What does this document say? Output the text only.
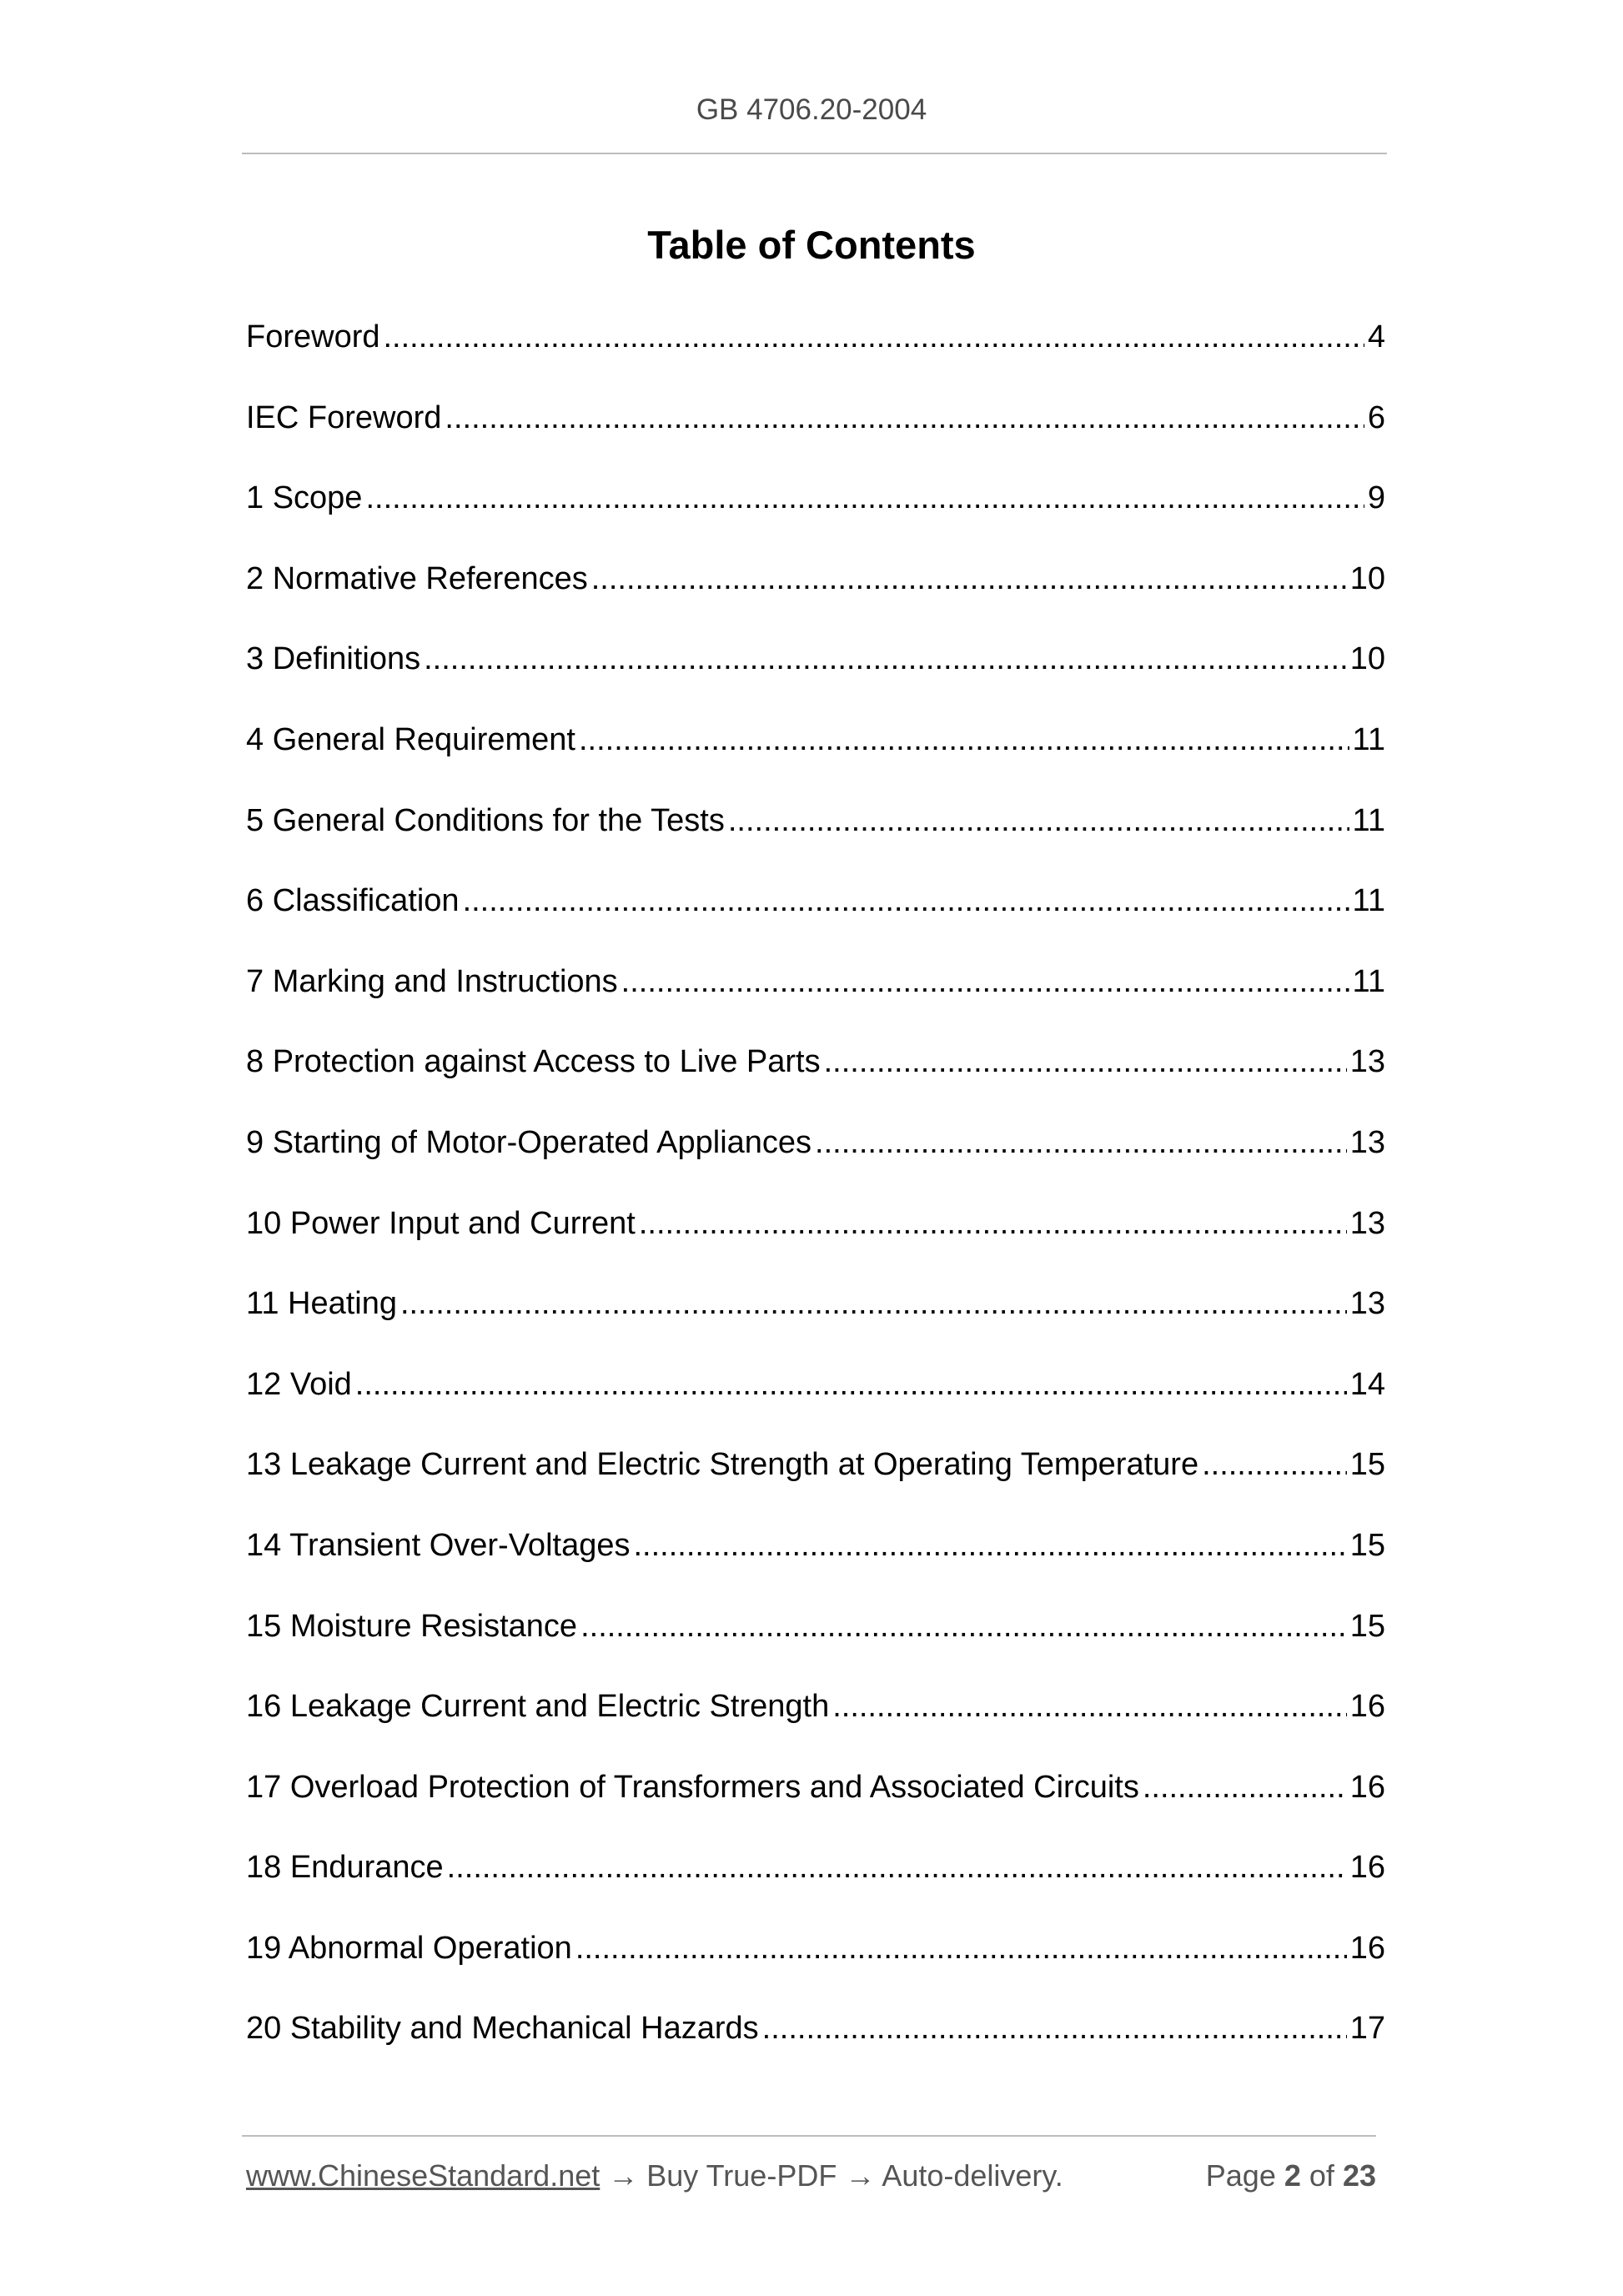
GB 4706.20-2004
Table of Contents
Foreword .....	4
IEC Foreword .....	6
1 Scope .....	9
2 Normative References .....	10
3 Definitions .....	10
4 General Requirement .....	11
5 General Conditions for the Tests .....	11
6 Classification .....	11
7 Marking and Instructions .....	11
8 Protection against Access to Live Parts .....	13
9 Starting of Motor-Operated Appliances .....	13
10 Power Input and Current .....	13
11 Heating .....	13
12 Void .....	14
13 Leakage Current and Electric Strength at Operating Temperature .....	15
14 Transient Over-Voltages .....	15
15 Moisture Resistance .....	15
16 Leakage Current and Electric Strength .....	16
17 Overload Protection of Transformers and Associated Circuits .....	16
18 Endurance .....	16
19 Abnormal Operation .....	16
20 Stability and Mechanical Hazards .....	17
www.ChineseStandard.net → Buy True-PDF → Auto-delivery.	Page 2 of 23
